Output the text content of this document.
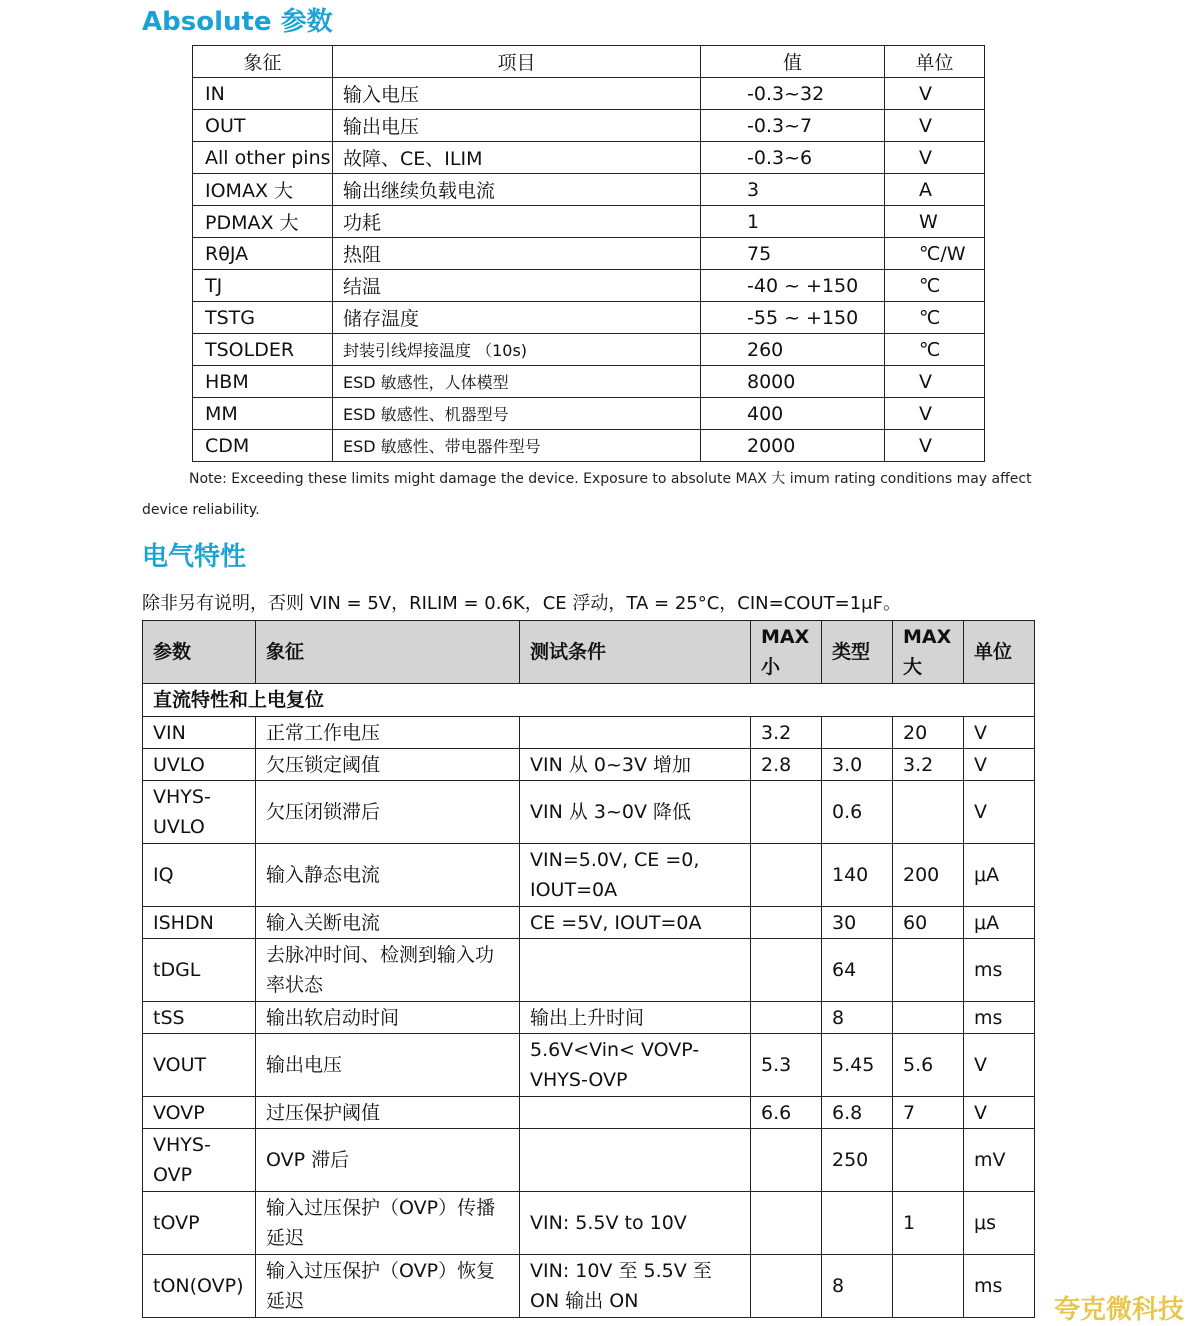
Absolute 参数
象征	项目	值	单位
IN	输入电压	-0.3~32	V
OUT	输出电压	-0.3~7	V
All other pins	故障、CE、ILIM	-0.3~6	V
IOMAX 大	输出继续负载电流	3	A
PDMAX 大	功耗	1	W
RθJA	热阻	75	℃/W
TJ	结温	-40 ~ +150	℃
TSTG	储存温度	-55 ~ +150	℃
TSOLDER	封装引线焊接温度 （10s)	260	℃
HBM	ESD 敏感性，人体模型	8000	V
MM	ESD 敏感性、机器型号	400	V
CDM	ESD 敏感性、带电器件型号	2000	V

Note: Exceeding these limits might damage the device. Exposure to absolute MAX 大 imum rating conditions may affect

device reliability.

电气特性

除非另有说明，否则 VIN = 5V，RILIM = 0.6K，CE 浮动，TA = 25°C，CIN=COUT=1μF。

参数	象征	测试条件	MAX 小	类型	MAX 大	单位
直流特性和上电复位						
VIN	正常工作电压		3.2		20	V
UVLO	欠压锁定阈值	VIN 从 0~3V 增加	2.8	3.0	3.2	V
VHYS-UVLO	欠压闭锁滞后	VIN 从 3~0V 降低		0.6		V
IQ	输入静态电流	VIN=5.0V, CE =0, IOUT=0A		140	200	μA
ISHDN	输入关断电流	CE =5V, IOUT=0A		30	60	μA
tDGL	去脉冲时间、检测到输入功率状态			64		ms
tSS	输出软启动时间	输出上升时间		8		ms
VOUT	输出电压	5.6V<Vin< VOVP-VHYS-OVP	5.3	5.45	5.6	V
VOVP	过压保护阈值		6.6	6.8	7	V
VHYS-OVP	OVP 滞后			250		mV
tOVP	输入过压保护（OVP）传播延迟	VIN: 5.5V to 10V			1	μs
tON(OVP)	输入过压保护（OVP）恢复延迟	VIN: 10V 至 5.5V 至 ON 输出 ON		8		ms

夸克微科技
